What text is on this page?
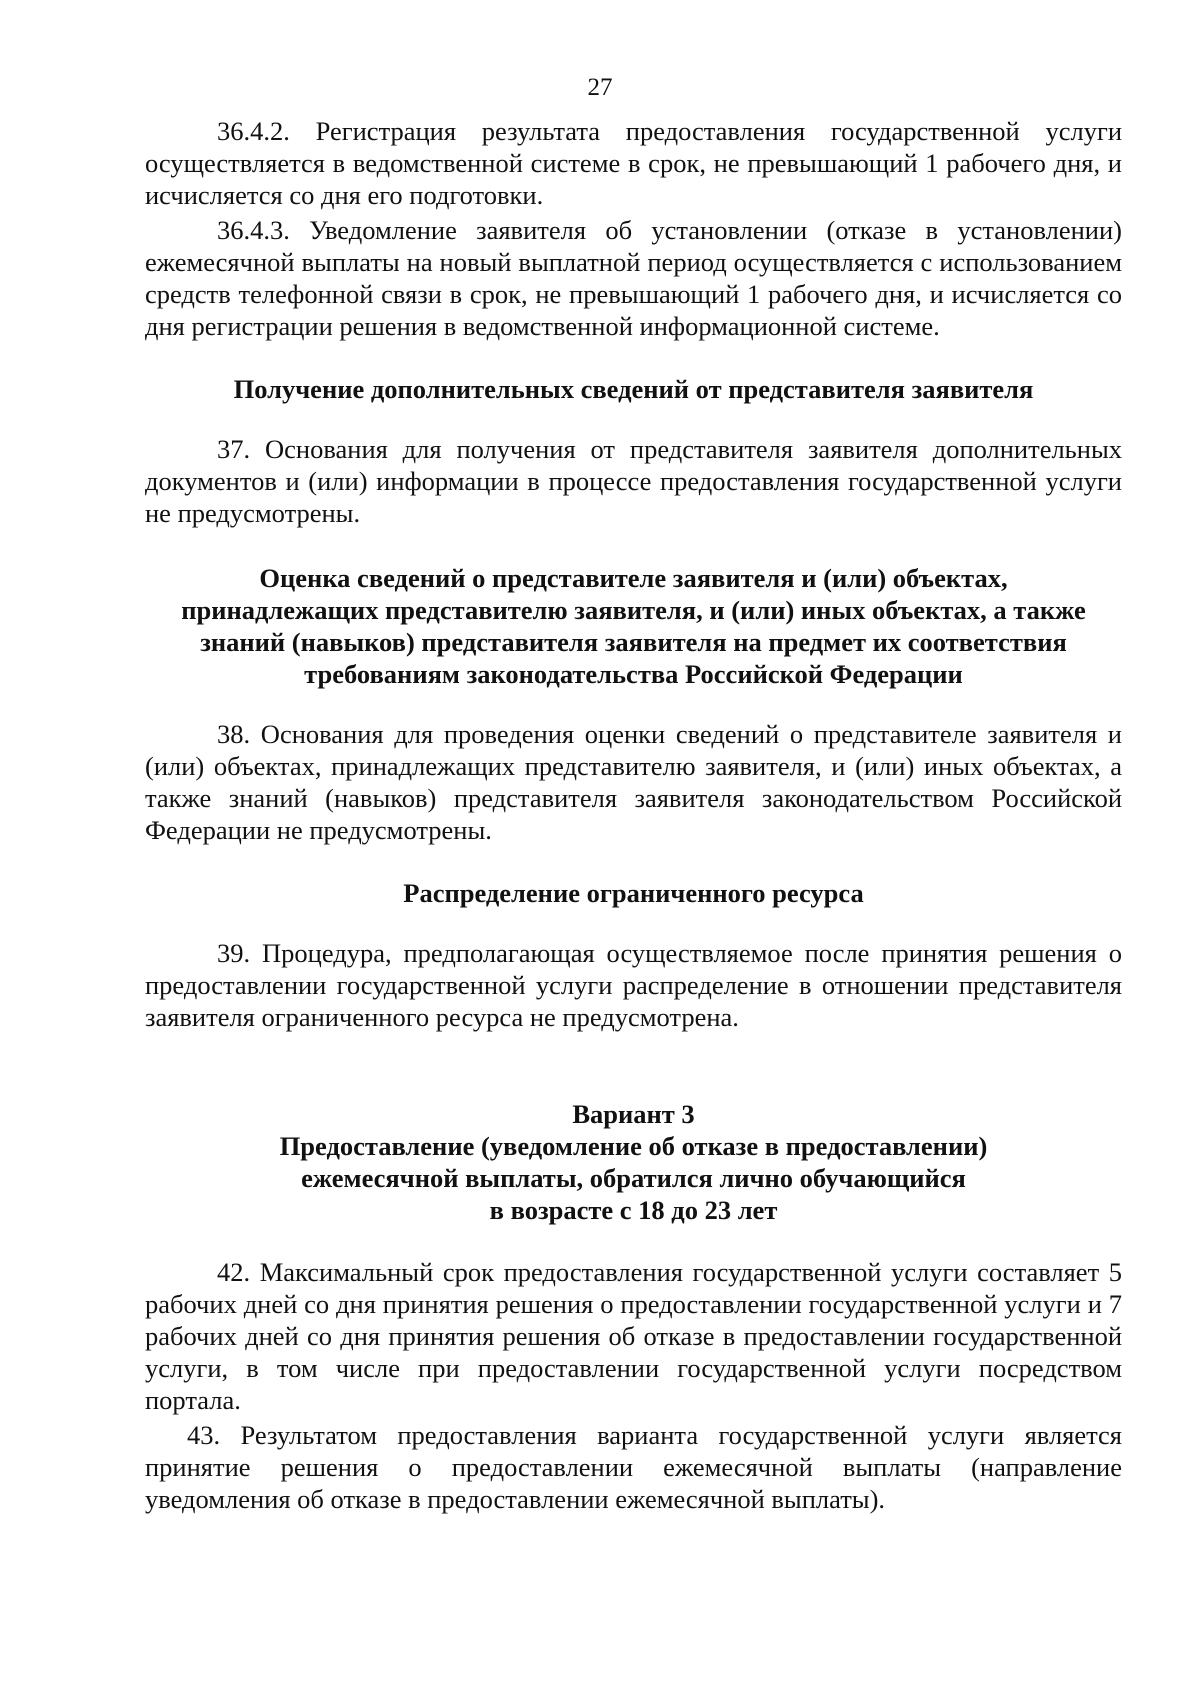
27

36.4.2. Регистрация результата предоставления государственной услуги осуществляется в ведомственной системе в срок, не превышающий 1 рабочего дня, и исчисляется со дня его подготовки.

36.4.3. Уведомление заявителя об установлении (отказе в установлении) ежемесячной выплаты на новый выплатной период осуществляется с использованием средств телефонной связи в срок, не превышающий 1 рабочего дня, и исчисляется со дня регистрации решения в ведомственной информационной системе.

Получение дополнительных сведений от представителя заявителя

37. Основания для получения от представителя заявителя дополнительных документов и (или) информации в процессе предоставления государственной услуги не предусмотрены.

Оценка сведений о представителе заявителя и (или) объектах,
принадлежащих представителю заявителя, и (или) иных объектах, а также
знаний (навыков) представителя заявителя на предмет их соответствия
требованиям законодательства Российской Федерации

38. Основания для проведения оценки сведений о представителе заявителя и (или) объектах, принадлежащих представителю заявителя, и (или) иных объектах, а также знаний (навыков) представителя заявителя законодательством Российской Федерации не предусмотрены.

Распределение ограниченного ресурса

39. Процедура, предполагающая осуществляемое после принятия решения о предоставлении государственной услуги распределение в отношении представителя заявителя ограниченного ресурса не предусмотрена.

Вариант 3
Предоставление (уведомление об отказе в предоставлении)
ежемесячной выплаты, обратился лично обучающийся
в возрасте с 18 до 23 лет

42. Максимальный срок предоставления государственной услуги составляет 5 рабочих дней со дня принятия решения о предоставлении государственной услуги и 7 рабочих дней со дня принятия решения об отказе в предоставлении государственной услуги, в том числе при предоставлении государственной услуги посредством портала.

43. Результатом предоставления варианта государственной услуги является принятие решения о предоставлении ежемесячной выплаты (направление уведомления об отказе в предоставлении ежемесячной выплаты).
